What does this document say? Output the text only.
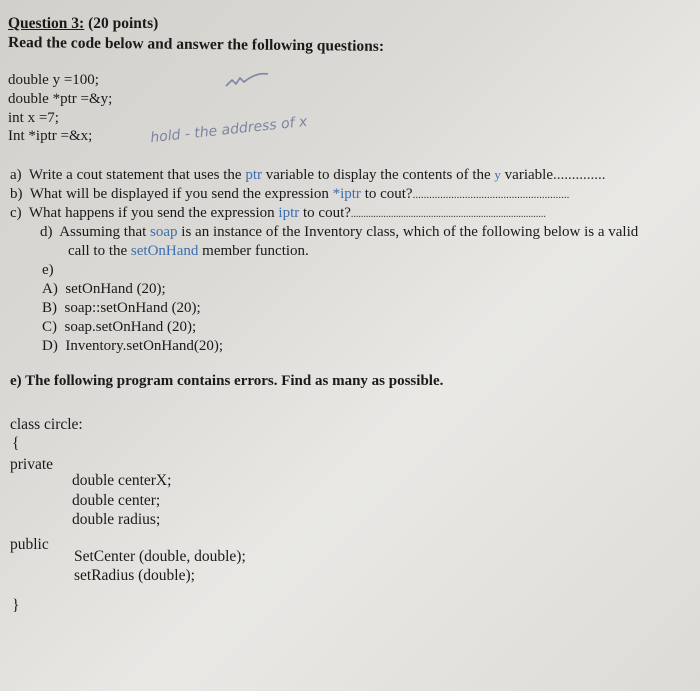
Question 3: (20 points)
Read the code below and answer the following questions:
double y =100;
double *ptr =&y;
int x =7;
Int *iptr =&x;	hold - the address of x
a) Write a cout statement that uses the ptr variable to display the contents of the y variable..............
b) What will be displayed if you send the expression *iptr to cout?.........................................................
c) What happens if you send the expression iptr to cout?..............................................................................
d) Assuming that soap is an instance of the Inventory class, which of the following below is a valid
call to the setOnHand member function.
e)
A) setOnHand (20);
B) soap::setOnHand (20);
C) soap.setOnHand (20);
D) Inventory.setOnHand(20);
e) The following program contains errors. Find as many as possible.
class circle:
{
private
double centerX;
double center;
double radius;
public
SetCenter (double, double);
setRadius (double);
}
